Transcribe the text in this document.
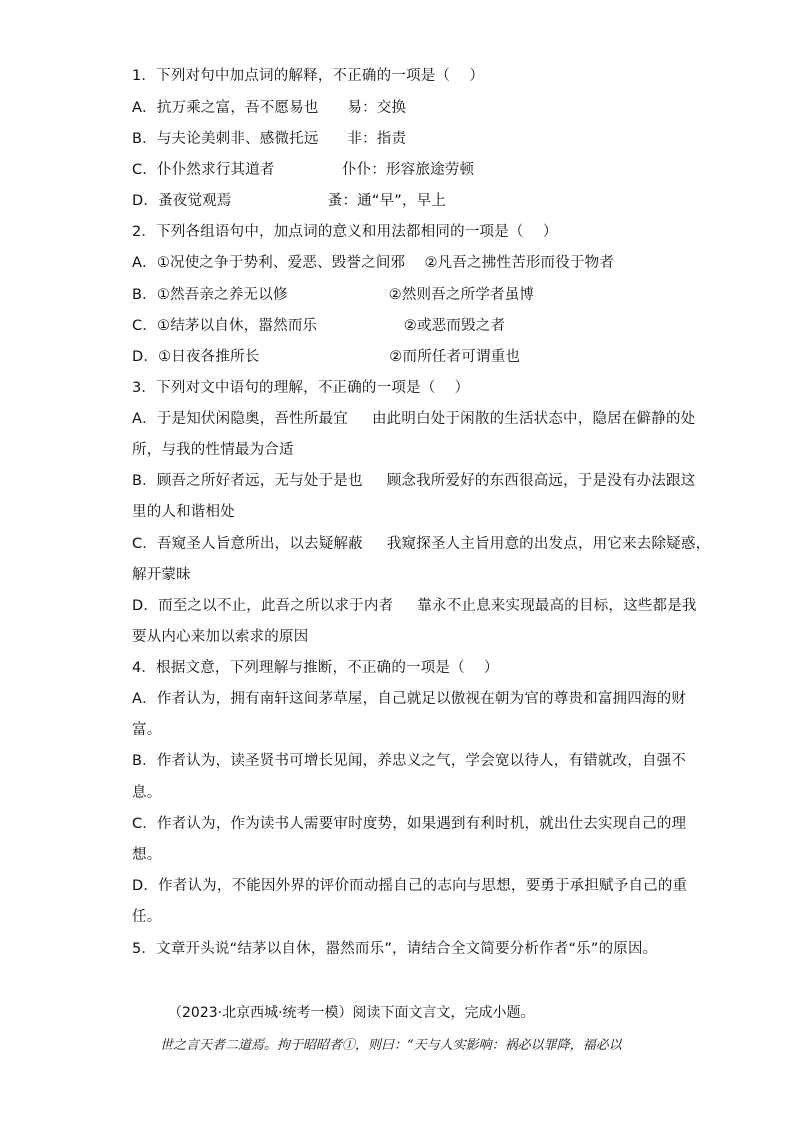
1．下列对句中加点词的解释，不正确的一项是（    ）
A．抗万乘之富，吾不愿易也      易：交换
B．与夫论美刺非、感微托远      非：指责
C．仆仆然求行其道者              仆仆：形容旅途劳顿
D．蚤夜觉观焉                    蚤：通“早”，早上
2．下列各组语句中，加点词的意义和用法都相同的一项是（    ）
A．①况使之争于势利、爱恶、毁誉之间邪    ②凡吾之拂性苦形而役于物者
B．①然吾亲之养无以修                     ②然则吾之所学者虽博
C．①结茅以自休，嚣然而乐                  ②或恶而毁之者
D．①日夜各推所长                           ②而所任者可谓重也
3．下列对文中语句的理解，不正确的一项是（    ）
A．于是知伏闲隐奥，吾性所最宜     由此明白处于闲散的生活状态中，隐居在僻静的处
所，与我的性情最为合适
B．顾吾之所好者远，无与处于是也     顾念我所爱好的东西很高远，于是没有办法跟这
里的人和谐相处
C．吾窥圣人旨意所出，以去疑解蔽     我窥探圣人主旨用意的出发点，用它来去除疑惑，
解开蒙昧
D．而至之以不止，此吾之所以求于内者     靠永不止息来实现最高的目标，这些都是我
要从内心来加以索求的原因
4．根据文意，下列理解与推断，不正确的一项是（    ）
A．作者认为，拥有南轩这间茅草屋，自己就足以傲视在朝为官的尊贵和富拥四海的财
富。
B．作者认为，读圣贤书可增长见闻，养忠义之气，学会宽以待人，有错就改，自强不
息。
C．作者认为，作为读书人需要审时度势，如果遇到有利时机，就出仕去实现自己的理
想。
D．作者认为，不能因外界的评价而动摇自己的志向与思想，要勇于承担赋予自己的重
任。
5．文章开头说“结茅以自休，嚣然而乐”，请结合全文简要分析作者“乐”的原因。
（2023·北京西城·统考一模）阅读下面文言文，完成小题。
世之言天者二道焉。拘于昭昭者①，则曰：“天与人实影响：祸必以罪降，福必以
